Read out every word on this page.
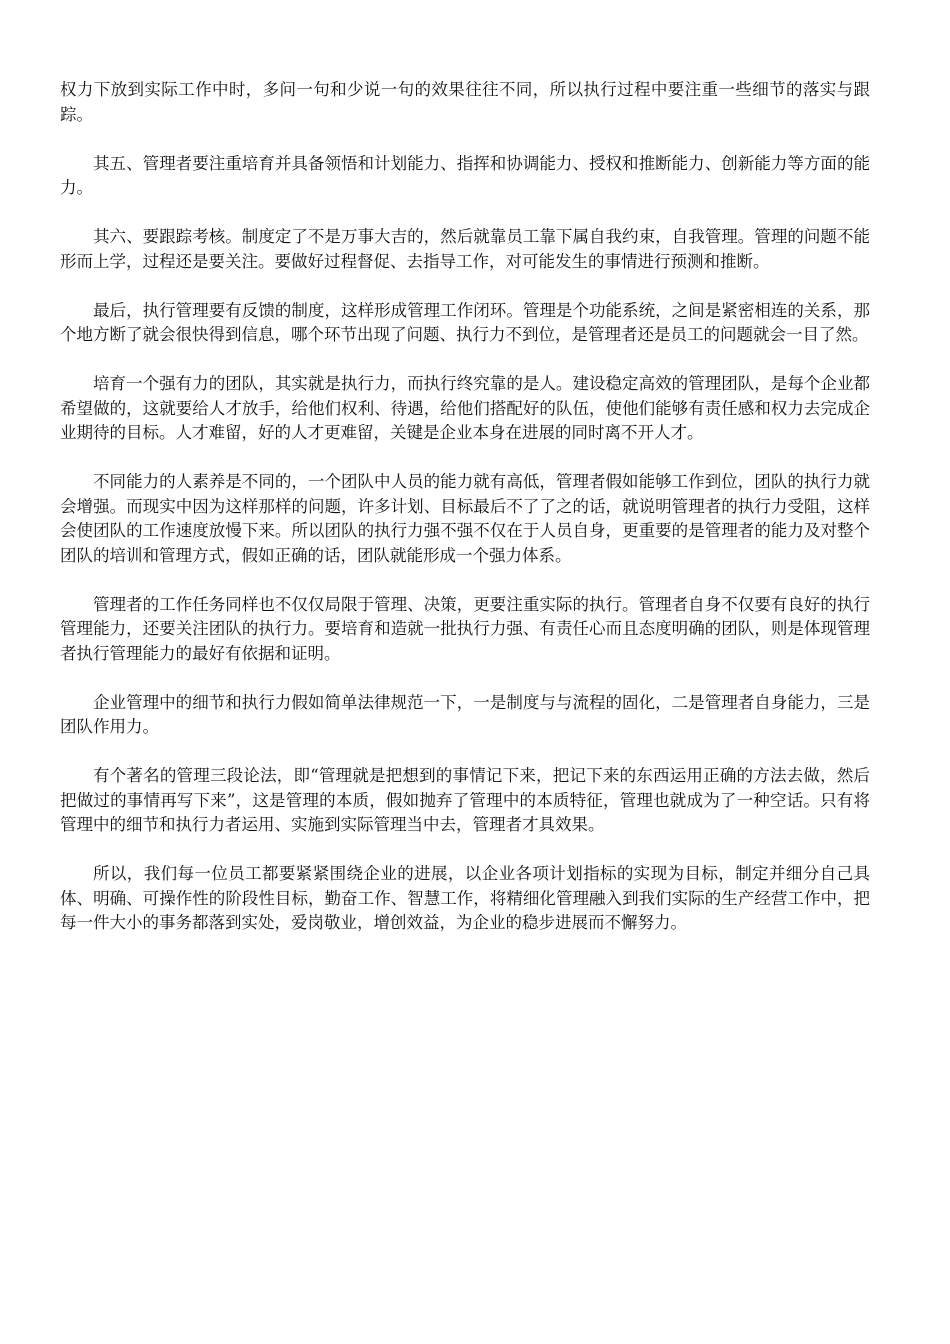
权力下放到实际工作中时，多问一句和少说一句的效果往往不同，所以执行过程中要注重一些细节的落实与跟踪。

其五、管理者要注重培育并具备领悟和计划能力、指挥和协调能力、授权和推断能力、创新能力等方面的能力。

其六、要跟踪考核。制度定了不是万事大吉的，然后就靠员工靠下属自我约束，自我管理。管理的问题不能形而上学，过程还是要关注。要做好过程督促、去指导工作，对可能发生的事情进行预测和推断。

最后，执行管理要有反馈的制度，这样形成管理工作闭环。管理是个功能系统，之间是紧密相连的关系，那个地方断了就会很快得到信息，哪个环节出现了问题、执行力不到位，是管理者还是员工的问题就会一目了然。

培育一个强有力的团队，其实就是执行力，而执行终究靠的是人。建设稳定高效的管理团队，是每个企业都希望做的，这就要给人才放手，给他们权利、待遇，给他们搭配好的队伍，使他们能够有责任感和权力去完成企业期待的目标。人才难留，好的人才更难留，关键是企业本身在进展的同时离不开人才。

不同能力的人素养是不同的，一个团队中人员的能力就有高低，管理者假如能够工作到位，团队的执行力就会增强。而现实中因为这样那样的问题，许多计划、目标最后不了了之的话，就说明管理者的执行力受阻，这样会使团队的工作速度放慢下来。所以团队的执行力强不强不仅在于人员自身，更重要的是管理者的能力及对整个团队的培训和管理方式，假如正确的话，团队就能形成一个强力体系。

管理者的工作任务同样也不仅仅局限于管理、决策，更要注重实际的执行。管理者自身不仅要有良好的执行管理能力，还要关注团队的执行力。要培育和造就一批执行力强、有责任心而且态度明确的团队，则是体现管理者执行管理能力的最好有依据和证明。

企业管理中的细节和执行力假如简单法律规范一下，一是制度与与流程的固化，二是管理者自身能力，三是团队作用力。

有个著名的管理三段论法，即“管理就是把想到的事情记下来，把记下来的东西运用正确的方法去做，然后把做过的事情再写下来”，这是管理的本质，假如抛弃了管理中的本质特征，管理也就成为了一种空话。只有将管理中的细节和执行力者运用、实施到实际管理当中去，管理者才具效果。

所以，我们每一位员工都要紧紧围绕企业的进展，以企业各项计划指标的实现为目标，制定并细分自己具体、明确、可操作性的阶段性目标，勤奋工作、智慧工作，将精细化管理融入到我们实际的生产经营工作中，把每一件大小的事务都落到实处，爱岗敬业，增创效益，为企业的稳步进展而不懈努力。
